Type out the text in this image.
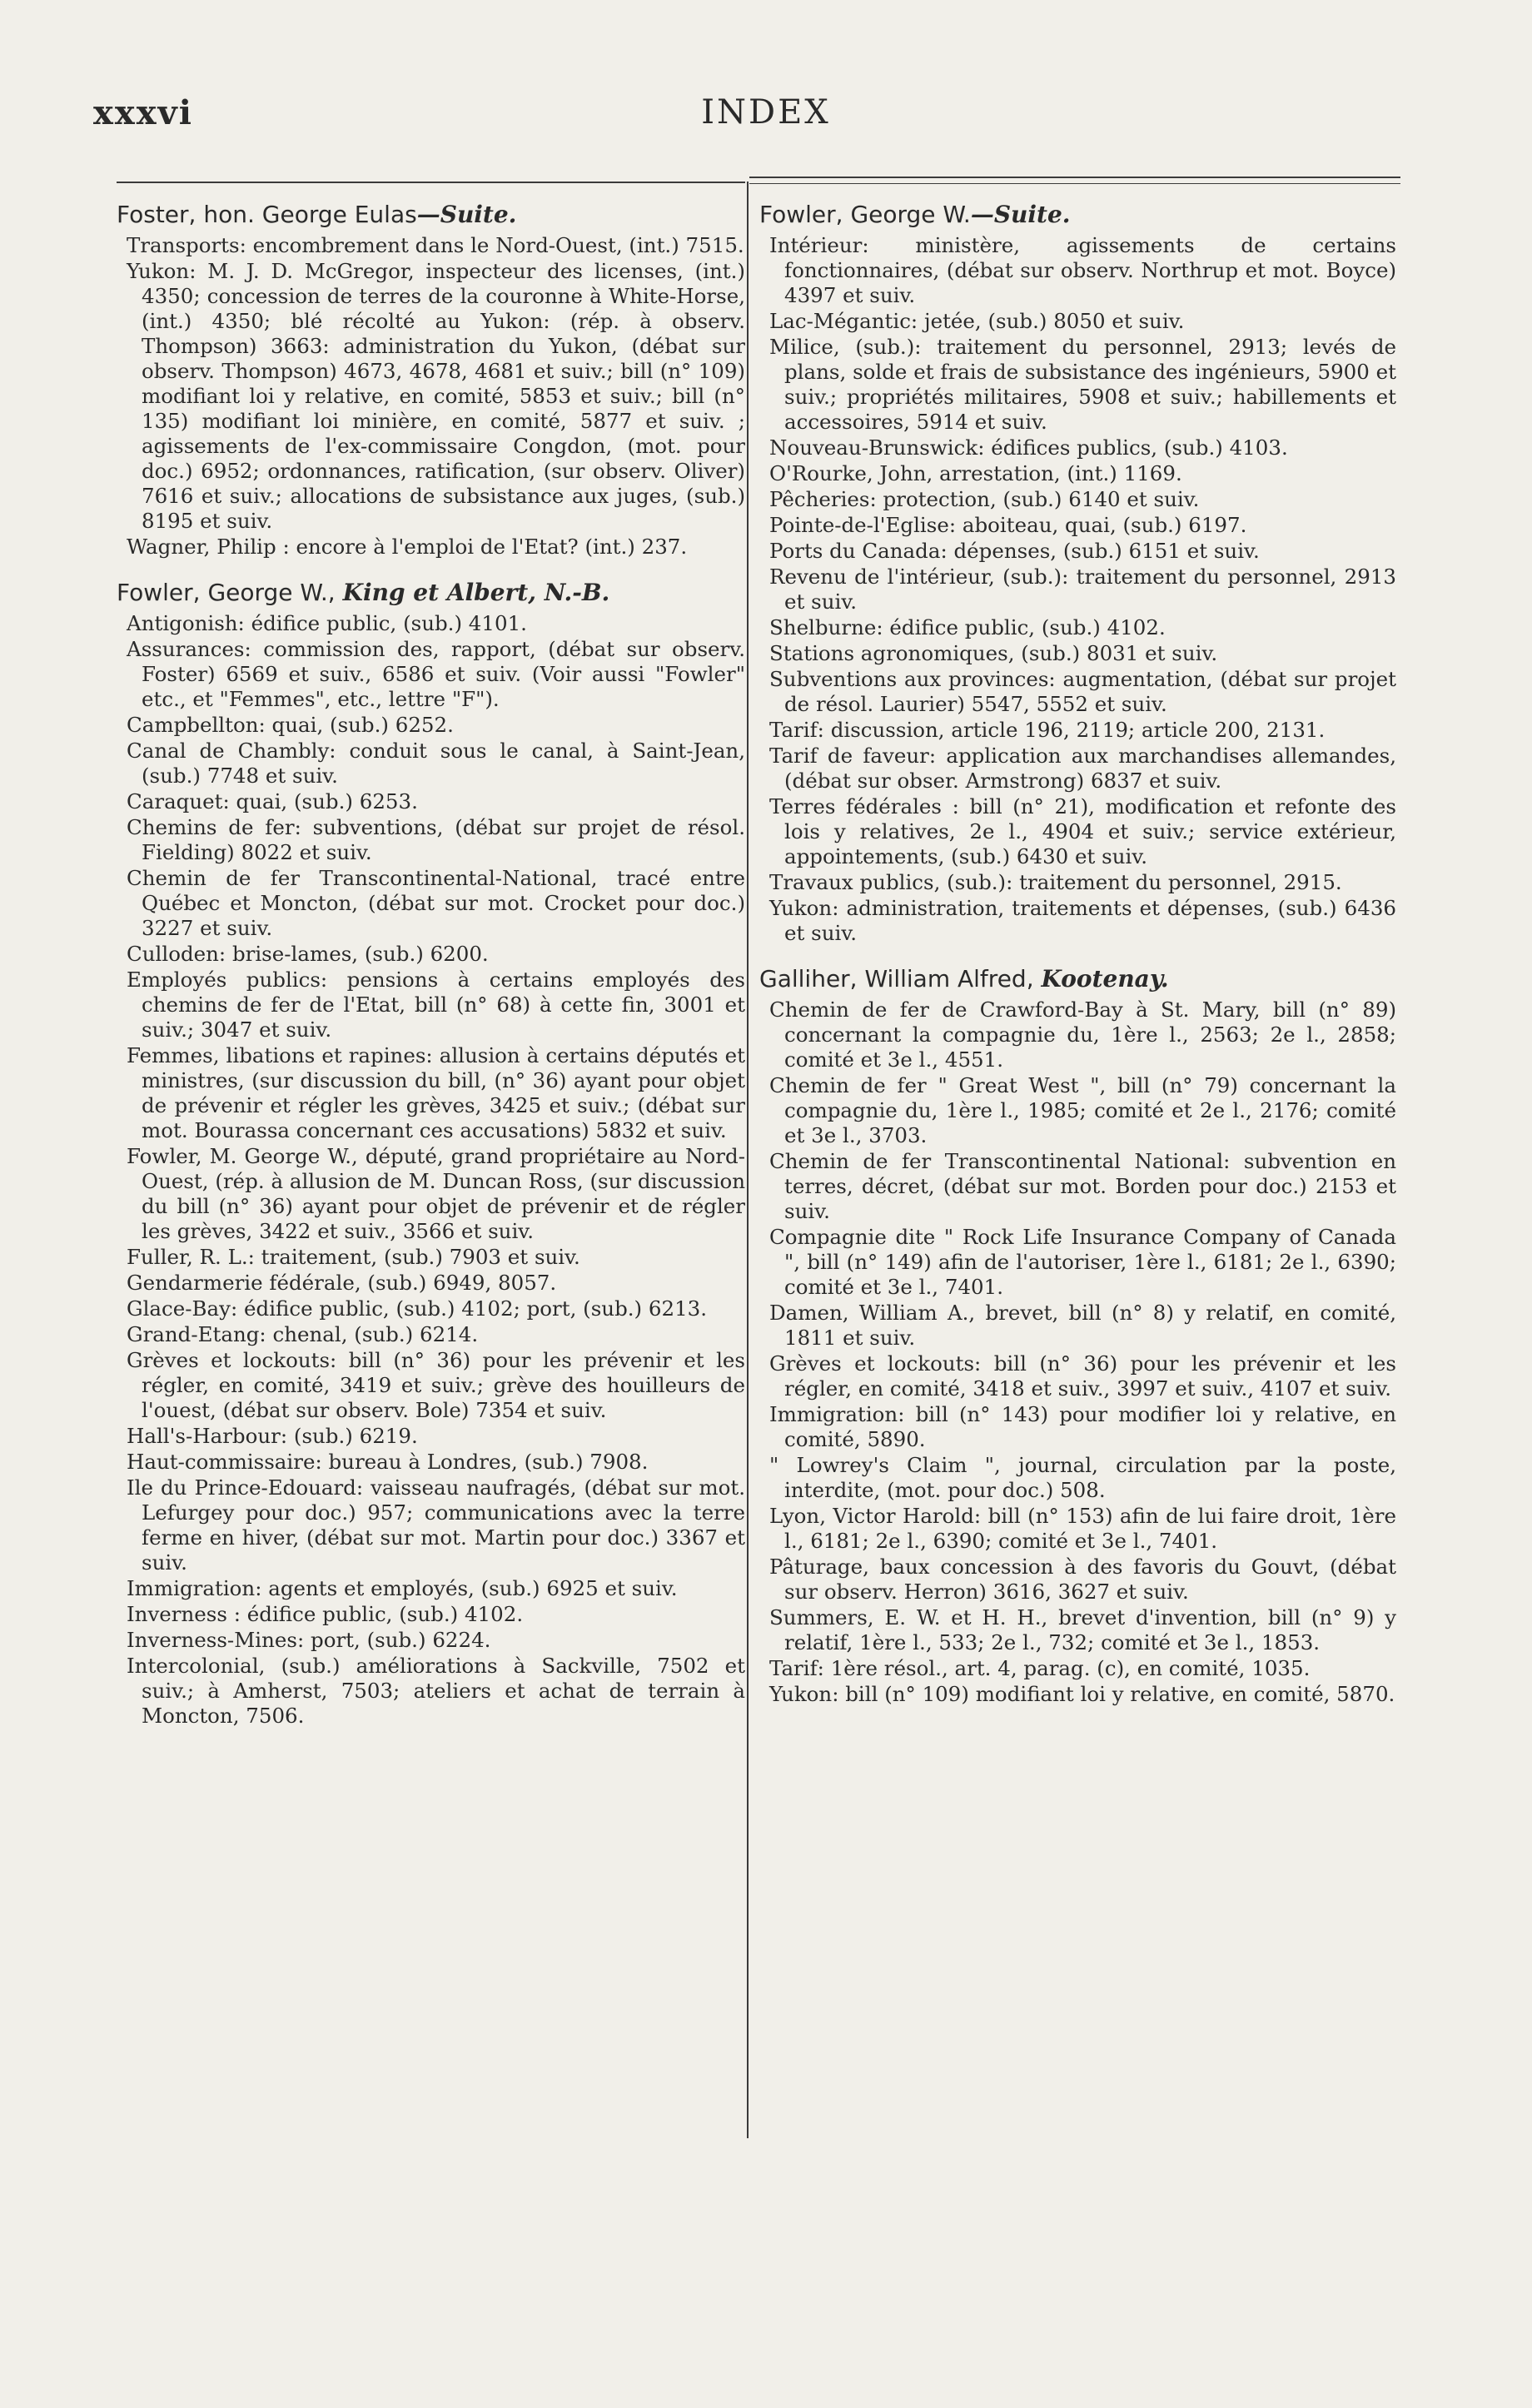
xxxvi	INDEX
Foster, hon. George Eulas—Suite.

Transports: encombrement dans le Nord-Ouest, (int.) 7515.

Yukon: M. J. D. McGregor, inspecteur des licenses, (int.) 4350; concession de terres de la couronne à White-Horse, (int.) 4350; blé récolté au Yukon: (rép. à observ. Thompson) 3663: administration du Yukon, (débat sur observ. Thompson) 4673, 4678, 4681 et suiv.; bill (n° 109) modifiant loi y relative, en comité, 5853 et suiv.; bill (n° 135) modifiant loi minière, en comité, 5877 et suiv. ; agissements de l'ex-commissaire Congdon, (mot. pour doc.) 6952; ordonnances, ratification, (sur observ. Oliver) 7616 et suiv.; allocations de subsistance aux juges, (sub.) 8195 et suiv.

Wagner, Philip : encore à l'emploi de l'Etat? (int.) 237.

Fowler, George W., King et Albert, N.-B.

Antigonish: édifice public, (sub.) 4101.

Assurances: commission des, rapport, (débat sur observ. Foster) 6569 et suiv., 6586 et suiv. (Voir aussi "Fowler" etc., et "Femmes", etc., lettre "F").

Campbellton: quai, (sub.) 6252.

Canal de Chambly: conduit sous le canal, à Saint-Jean, (sub.) 7748 et suiv.

Caraquet: quai, (sub.) 6253.

Chemins de fer: subventions, (débat sur projet de résol. Fielding) 8022 et suiv.

Chemin de fer Transcontinental-National, tracé entre Québec et Moncton, (débat sur mot. Crocket pour doc.) 3227 et suiv.

Culloden: brise-lames, (sub.) 6200.

Employés publics: pensions à certains employés des chemins de fer de l'Etat, bill (n° 68) à cette fin, 3001 et suiv.; 3047 et suiv.

Femmes, libations et rapines: allusion à certains députés et ministres, (sur discussion du bill, (n° 36) ayant pour objet de prévenir et régler les grèves, 3425 et suiv.; (débat sur mot. Bourassa concernant ces accusations) 5832 et suiv.

Fowler, M. George W., député, grand propriétaire au Nord-Ouest, (rép. à allusion de M. Duncan Ross, (sur discussion du bill (n° 36) ayant pour objet de prévenir et de régler les grèves, 3422 et suiv., 3566 et suiv.

Fuller, R. L.: traitement, (sub.) 7903 et suiv.

Gendarmerie fédérale, (sub.) 6949, 8057.

Glace-Bay: édifice public, (sub.) 4102; port, (sub.) 6213.

Grand-Etang: chenal, (sub.) 6214.

Grèves et lockouts: bill (n° 36) pour les prévenir et les régler, en comité, 3419 et suiv.; grève des houilleurs de l'ouest, (débat sur observ. Bole) 7354 et suiv.

Hall's-Harbour: (sub.) 6219.

Haut-commissaire: bureau à Londres, (sub.) 7908.

Ile du Prince-Edouard: vaisseau naufragés, (débat sur mot. Lefurgey pour doc.) 957; communications avec la terre ferme en hiver, (débat sur mot. Martin pour doc.) 3367 et suiv.

Immigration: agents et employés, (sub.) 6925 et suiv.

Inverness : édifice public, (sub.) 4102.

Inverness-Mines: port, (sub.) 6224.

Intercolonial, (sub.) améliorations à Sackville, 7502 et suiv.; à Amherst, 7503; ateliers et achat de terrain à Moncton, 7506.

Fowler, George W.—Suite.

Intérieur: ministère, agissements de certains fonctionnaires, (débat sur observ. Northrup et mot. Boyce) 4397 et suiv.

Lac-Mégantic: jetée, (sub.) 8050 et suiv.

Milice, (sub.): traitement du personnel, 2913; levés de plans, solde et frais de subsistance des ingénieurs, 5900 et suiv.; propriétés militaires, 5908 et suiv.; habillements et accessoires, 5914 et suiv.

Nouveau-Brunswick: édifices publics, (sub.) 4103.

O'Rourke, John, arrestation, (int.) 1169.

Pêcheries: protection, (sub.) 6140 et suiv.

Pointe-de-l'Eglise: aboiteau, quai, (sub.) 6197.

Ports du Canada: dépenses, (sub.) 6151 et suiv.

Revenu de l'intérieur, (sub.): traitement du personnel, 2913 et suiv.

Shelburne: édifice public, (sub.) 4102.

Stations agronomiques, (sub.) 8031 et suiv.

Subventions aux provinces: augmentation, (débat sur projet de résol. Laurier) 5547, 5552 et suiv.

Tarif: discussion, article 196, 2119; article 200, 2131.

Tarif de faveur: application aux marchandises allemandes, (débat sur obser. Armstrong) 6837 et suiv.

Terres fédérales : bill (n° 21), modification et refonte des lois y relatives, 2e l., 4904 et suiv.; service extérieur, appointements, (sub.) 6430 et suiv.

Travaux publics, (sub.): traitement du personnel, 2915.

Yukon: administration, traitements et dépenses, (sub.) 6436 et suiv.

Galliher, William Alfred, Kootenay.

Chemin de fer de Crawford-Bay à St. Mary, bill (n° 89) concernant la compagnie du, 1ère l., 2563; 2e l., 2858; comité et 3e l., 4551.

Chemin de fer " Great West ", bill (n° 79) concernant la compagnie du, 1ère l., 1985; comité et 2e l., 2176; comité et 3e l., 3703.

Chemin de fer Transcontinental National: subvention en terres, décret, (débat sur mot. Borden pour doc.) 2153 et suiv.

Compagnie dite " Rock Life Insurance Company of Canada ", bill (n° 149) afin de l'autoriser, 1ère l., 6181; 2e l., 6390; comité et 3e l., 7401.

Damen, William A., brevet, bill (n° 8) y relatif, en comité, 1811 et suiv.

Grèves et lockouts: bill (n° 36) pour les prévenir et les régler, en comité, 3418 et suiv., 3997 et suiv., 4107 et suiv.

Immigration: bill (n° 143) pour modifier loi y relative, en comité, 5890.

" Lowrey's Claim ", journal, circulation par la poste, interdite, (mot. pour doc.) 508.

Lyon, Victor Harold: bill (n° 153) afin de lui faire droit, 1ère l., 6181; 2e l., 6390; comité et 3e l., 7401.

Pâturage, baux concession à des favoris du Gouvt, (débat sur observ. Herron) 3616, 3627 et suiv.

Summers, E. W. et H. H., brevet d'invention, bill (n° 9) y relatif, 1ère l., 533; 2e l., 732; comité et 3e l., 1853.

Tarif: 1ère résol., art. 4, parag. (c), en comité, 1035.

Yukon: bill (n° 109) modifiant loi y relative, en comité, 5870.
